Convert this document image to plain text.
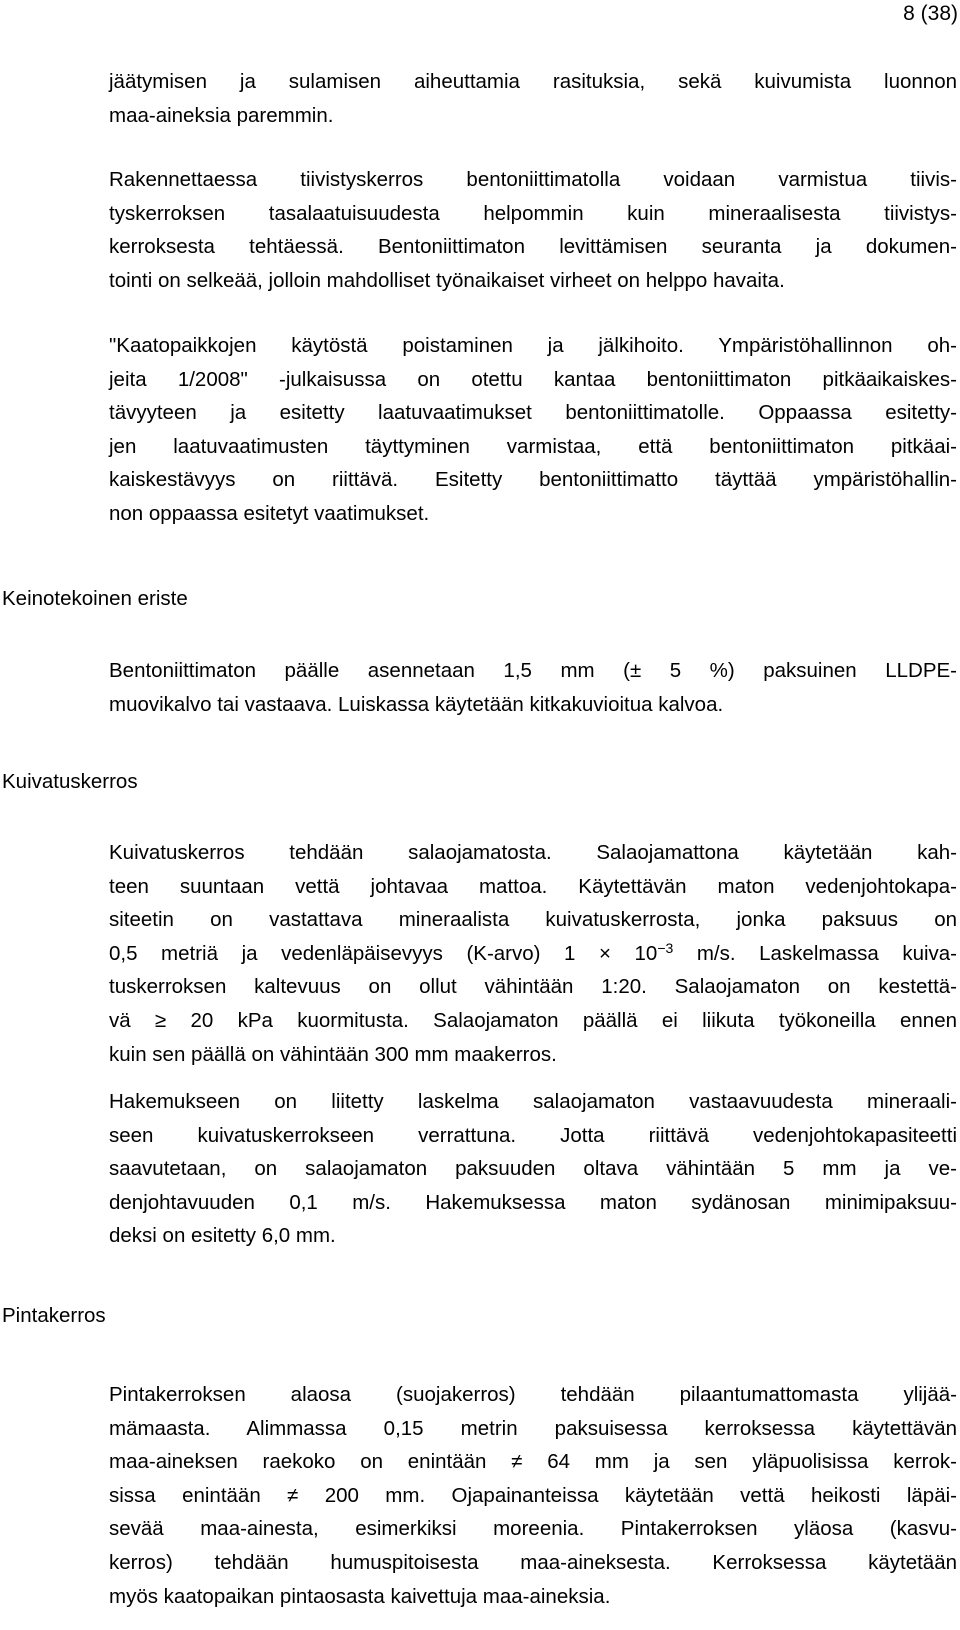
8 (38)

jäätymisen ja sulamisen aiheuttamia rasituksia, sekä kuivumista luonnon
maa-aineksia paremmin.

Rakennettaessa tiivistyskerros bentoniittimatolla voidaan varmistua tiivis-
tyskerroksen tasalaatuisuudesta helpommin kuin mineraalisesta tiivistys-
kerroksesta tehtäessä. Bentoniittimaton levittämisen seuranta ja dokumen-
tointi on selkeää, jolloin mahdolliset työnaikaiset virheet on helppo havaita.

"Kaatopaikkojen käytöstä poistaminen ja jälkihoito. Ympäristöhallinnon oh-
jeita 1/2008" -julkaisussa on otettu kantaa bentoniittimaton pitkäaikaiskes-
tävyyteen ja esitetty laatuvaatimukset bentoniittimatolle. Oppaassa esitetty-
jen laatuvaatimusten täyttyminen varmistaa, että bentoniittimaton pitkäai-
kaiskestävyys on riittävä. Esitetty bentoniittimatto täyttää ympäristöhallin-
non oppaassa esitetyt vaatimukset.

Keinotekoinen eriste

Bentoniittimaton päälle asennetaan 1,5 mm (± 5 %) paksuinen LLDPE-
muovikalvo tai vastaava. Luiskassa käytetään kitkakuvioitua kalvoa.

Kuivatuskerros

Kuivatuskerros tehdään salaojamatosta. Salaojamattona käytetään kah-
teen suuntaan vettä johtavaa mattoa. Käytettävän maton vedenjohtokapa-
siteetin on vastattava mineraalista kuivatuskerrosta, jonka paksuus on
0,5 metriä ja vedenläpäisevyys (K-arvo) $1 \times 10^{-3}$ m/s. Laskelmassa kuiva-
tuskerroksen kaltevuus on ollut vähintään 1:20. Salaojamaton on kestettä-
vä ≥ 20 kPa kuormitusta. Salaojamaton päällä ei liikuta työkoneilla ennen
kuin sen päällä on vähintään 300 mm maakerros.

Hakemukseen on liitetty laskelma salaojamaton vastaavuudesta mineraali-
seen kuivatuskerrokseen verrattuna. Jotta riittävä vedenjohtokapasiteetti
saavutetaan, on salaojamaton paksuuden oltava vähintään 5 mm ja ve-
denjohtavuuden 0,1 m/s. Hakemuksessa maton sydänosan minimipaksuu-
deksi on esitetty 6,0 mm.

Pintakerros

Pintakerroksen alaosa (suojakerros) tehdään pilaantumattomasta ylijää-
mämaasta. Alimmassa 0,15 metrin paksuisessa kerroksessa käytettävän
maa-aineksen raekoko on enintään ≠ 64 mm ja sen yläpuolisissa kerrok-
sissa enintään ≠ 200 mm. Ojapainanteissa käytetään vettä heikosti läpäi-
sevää maa-ainesta, esimerkiksi moreenia. Pintakerroksen yläosa (kasvu-
kerros) tehdään humuspitoisesta maa-aineksesta. Kerroksessa käytetään
myös kaatopaikan pintaosasta kaivettuja maa-aineksia.
